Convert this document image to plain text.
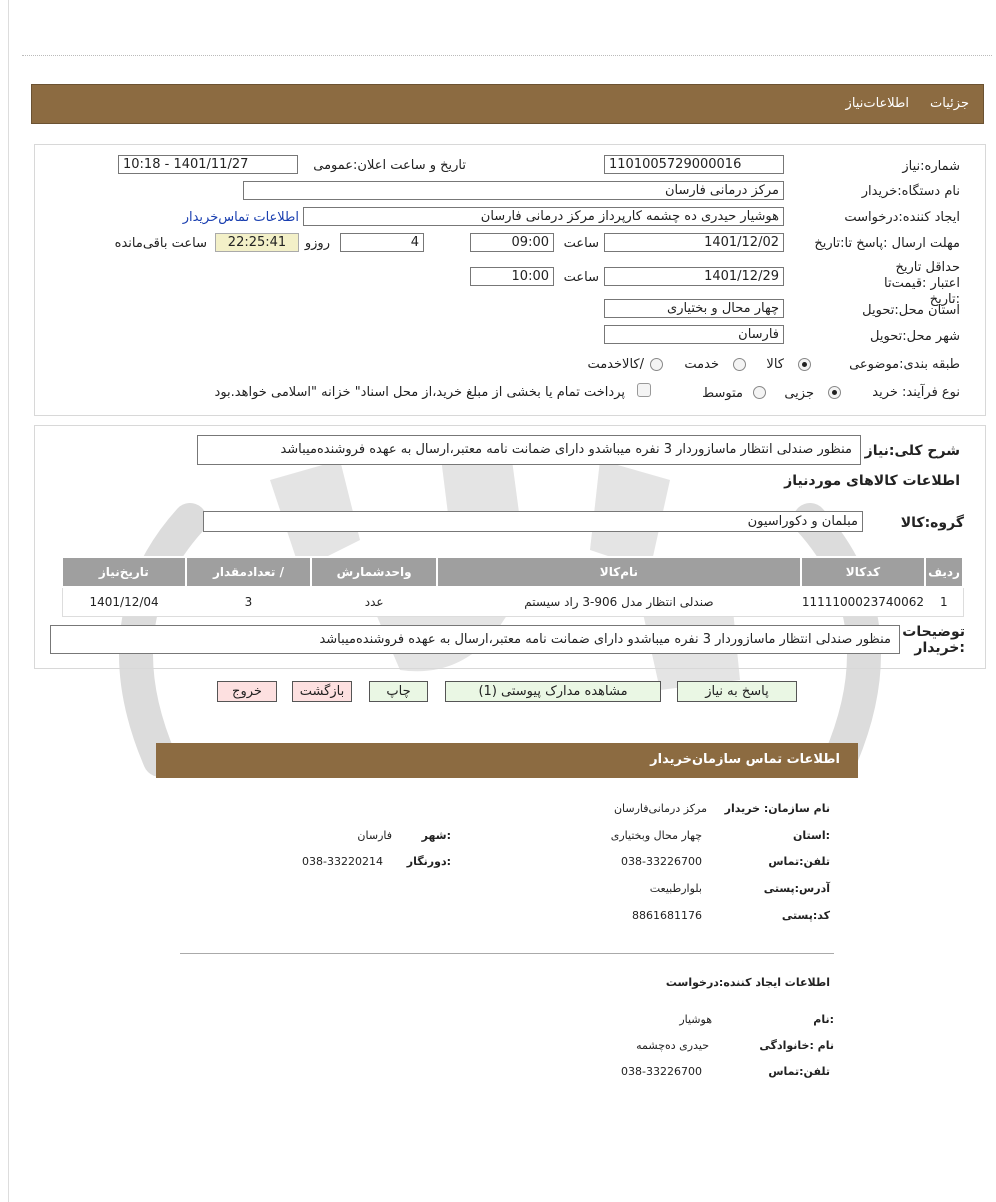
جزئیات
اطلاعات‌نیاز
شماره:نیاز
1101005729000016
تاریخ و ساعت اعلان:عمومی
1401/11/27 - 10:18
نام دستگاه:خریدار
مرکز درمانی فارسان
ایجاد کننده:درخواست
هوشیار حیدری ده چشمه کارپرداز مرکز درمانی فارسان
اطلاعات تماس‌خریدار
مهلت ارسال :پاسخ تا:تاریخ
1401/12/02
ساعت
09:00
4
روزو
22:25:41
ساعت باقی‌مانده
حداقل تاریخ اعتبار :قیمت‌تا :تاریخ
1401/12/29
ساعت
10:00
استان محل:تحویل
چهار محال و بختیاری
شهر محل:تحویل
فارسان
طبقه بندی:موضوعی
کالا
خدمت
/کالاخدمت
نوع فرآیند: خرید
جزیی
متوسط
پرداخت تمام یا بخشی از مبلغ خرید،از محل اسناد" خزانه "اسلامی خواهد.بود
شرح کلی:نیاز
منظور صندلی انتظار ماسازوردار 3 نفره میباشدو دارای ضمانت نامه معتبر،ارسال به عهده فروشنده‌میباشد
اطلاعات کالاهای موردنیاز
گروه:کالا
مبلمان و دکوراسیون
ردیف	کدکالا	نام‌کالا	واحدشمارش	/ تعدادمقدار	تاریخ‌نیاز
1	1111100023740062	صندلی انتظار مدل 906-3 راد سیستم	عدد	3	1401/12/04
توضیحات :خریدار
منظور صندلی انتظار ماسازوردار 3 نفره میباشدو دارای ضمانت نامه معتبر،ارسال به عهده فروشنده‌میباشد
پاسخ به نیاز
مشاهده مدارک پیوستی (1)
چاپ
بازگشت
خروج
اطلاعات تماس سازمان‌خریدار
نام سازمان: خریدار
مرکز درمانی‌فارسان
:استان
چهار محال وبختیاری
:شهر
فارسان
تلفن:تماس
038-33226700
:دورنگار
038-33220214
آدرس:پستی
بلوارطبیعت
کد:پستی
8861681176
اطلاعات ایجاد کننده:درخواست
:نام
هوشیار
نام :خانوادگی
حیدری ده‌چشمه
تلفن:تماس
038-33226700
